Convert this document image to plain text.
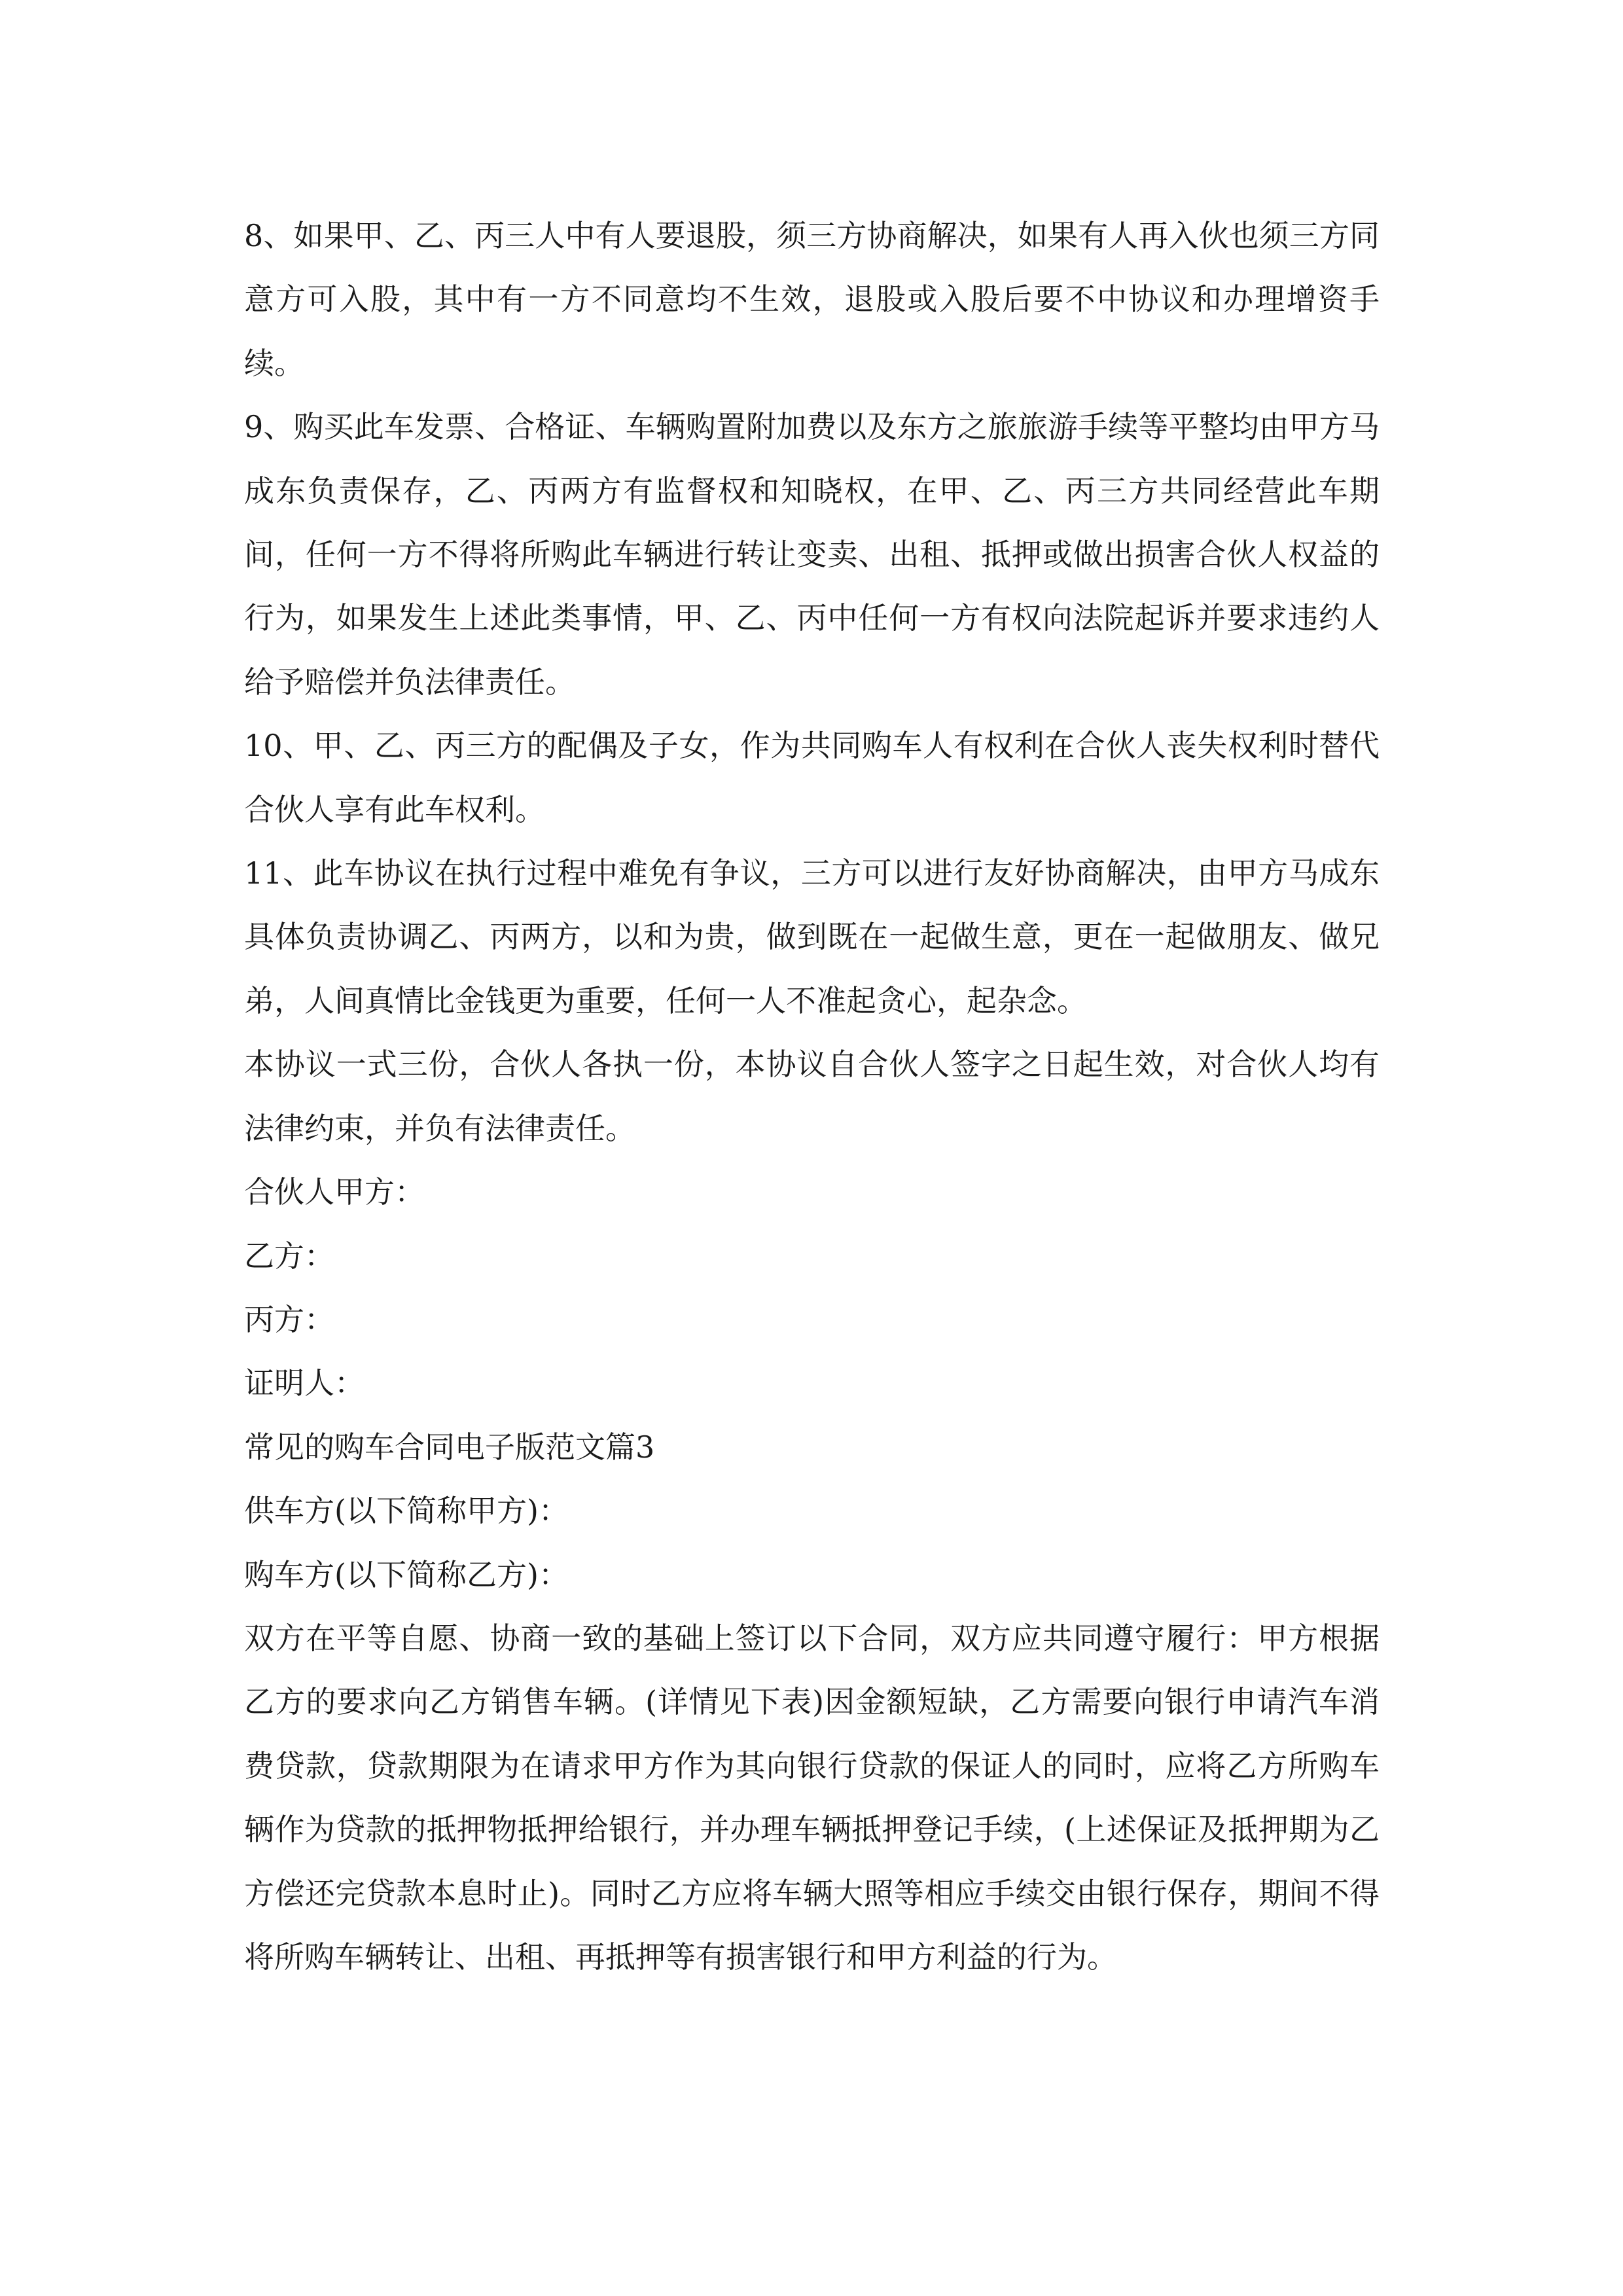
8、如果甲、乙、丙三人中有人要退股，须三方协商解决，如果有人再入伙也须三方同意方可入股，其中有一方不同意均不生效，退股或入股后要不中协议和办理增资手续。

9、购买此车发票、合格证、车辆购置附加费以及东方之旅旅游手续等平整均由甲方马成东负责保存，乙、丙两方有监督权和知晓权，在甲、乙、丙三方共同经营此车期间，任何一方不得将所购此车辆进行转让变卖、出租、抵押或做出损害合伙人权益的行为，如果发生上述此类事情，甲、乙、丙中任何一方有权向法院起诉并要求违约人给予赔偿并负法律责任。

10、甲、乙、丙三方的配偶及子女，作为共同购车人有权利在合伙人丧失权利时替代合伙人享有此车权利。

11、此车协议在执行过程中难免有争议，三方可以进行友好协商解决，由甲方马成东具体负责协调乙、丙两方，以和为贵，做到既在一起做生意，更在一起做朋友、做兄弟，人间真情比金钱更为重要，任何一人不准起贪心，起杂念。

本协议一式三份，合伙人各执一份，本协议自合伙人签字之日起生效，对合伙人均有法律约束，并负有法律责任。

合伙人甲方：

乙方：

丙方：

证明人：

常见的购车合同电子版范文篇3

供车方(以下简称甲方)：

购车方(以下简称乙方)：

双方在平等自愿、协商一致的基础上签订以下合同，双方应共同遵守履行：甲方根据乙方的要求向乙方销售车辆。(详情见下表)因金额短缺，乙方需要向银行申请汽车消费贷款，贷款期限为在请求甲方作为其向银行贷款的保证人的同时，应将乙方所购车辆作为贷款的抵押物抵押给银行，并办理车辆抵押登记手续，(上述保证及抵押期为乙方偿还完贷款本息时止)。同时乙方应将车辆大照等相应手续交由银行保存，期间不得将所购车辆转让、出租、再抵押等有损害银行和甲方利益的行为。
